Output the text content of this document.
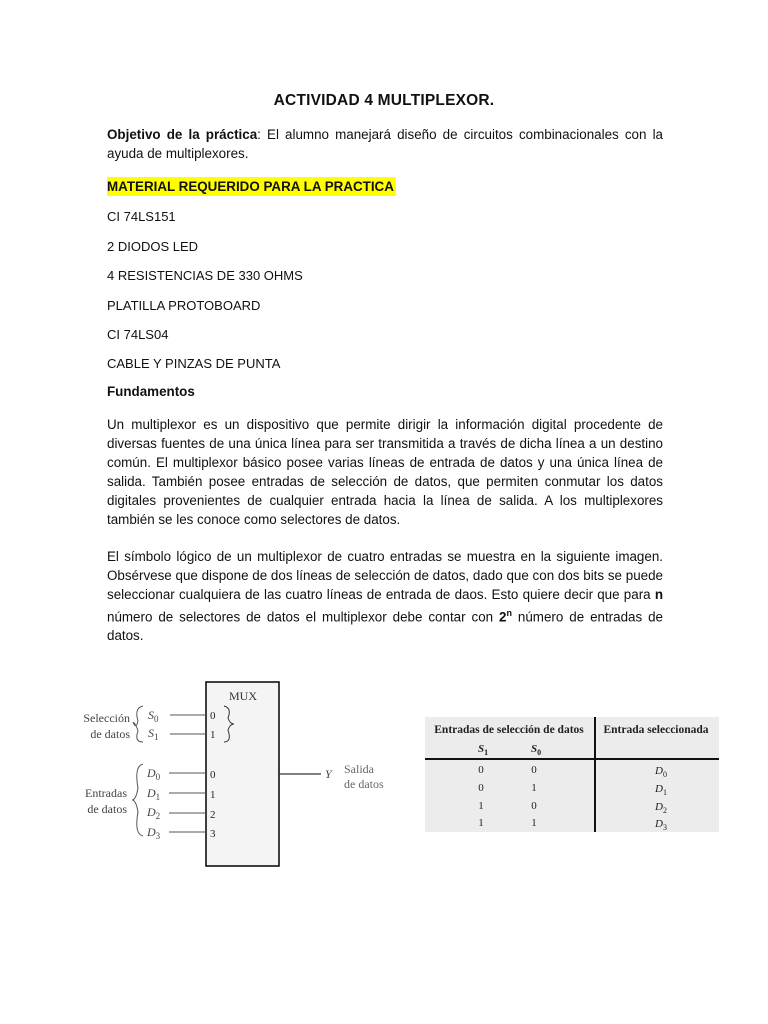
ACTIVIDAD 4 MULTIPLEXOR.
Objetivo de la práctica: El alumno manejará diseño de circuitos combinacionales con la ayuda de multiplexores.
MATERIAL REQUERIDO PARA LA PRACTICA
CI 74LS151
2 DIODOS LED
4 RESISTENCIAS DE 330 OHMS
PLATILLA PROTOBOARD
CI 74LS04
CABLE Y PINZAS DE PUNTA
Fundamentos
Un multiplexor es un dispositivo que permite dirigir la información digital procedente de diversas fuentes de una única línea para ser transmitida a través de dicha línea a un destino común. El multiplexor básico posee varias líneas de entrada de datos y una única línea de salida. También posee entradas de selección de datos, que permiten conmutar los datos digitales provenientes de cualquier entrada hacia la línea de salida. A los multiplexores también se les conoce como selectores de datos.
El símbolo lógico de un multiplexor de cuatro entradas se muestra en la siguiente imagen. Obsérvese que dispone de dos líneas de selección de datos, dado que con dos bits se puede seleccionar cualquiera de las cuatro líneas de entrada de daos. Esto quiere decir que para n número de selectores de datos el multiplexor debe contar con 2$^n$ número de entradas de datos.
MUX
Selección
de datos
$S_0$	0
$S_1$	1
Entradas
de datos
$D_0$	0
$D_1$	1
$D_2$	2
$D_3$	3
Y Salida
de datos
Entradas de selección de datos Entrada seleccionada
$S_1$	$S_0$
0	0	$D_0$
0	1	$D_1$
1	0	$D_2$
1	1	$D_3$
